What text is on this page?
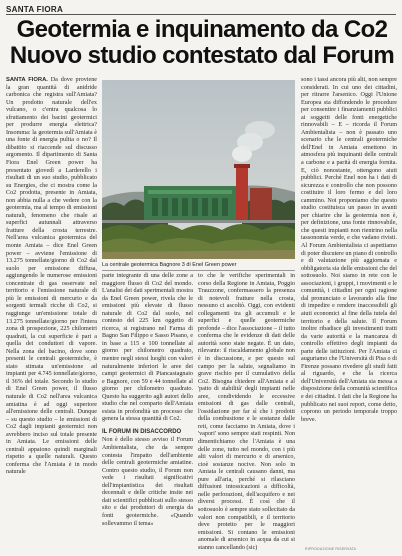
SANTA FIORA
Geotermia e inquinamento da Co2
Nuovo studio contestato dal Forum
SANTA FIORA. Da dove proviene la gran quantità di anidride carbonica che registra sull'Amiata? Un prodotto naturale dell'ex vulcano, o c'entra qualcosa lo sfruttamento dei bacini geotermici per produrre energia elettrica? Insomma: la geotermia sull'Amiata è una fonte di energia pulita o no? Il dibattito si riaccende sul discusso argomento. Il dipartimento di Santa Fiora Enel Green power ha presentato giovedì a Larderello i risultati di un suo studio, pubblicato su Energies, che ci mostra come la Co2 prodotta, presente in Amiata, non abbia nulla a che vedere con la geotermia, ma al tempo di emissioni naturali, fenomeno che risale ai superfici autunnali attraverso fratture della crosta terrestre. Nell'area vulcanica geotermica del monte Amiata – dice Enel Green power – avviene l'emissione di 13.275 tonnellate/giorno di Co2 dal suolo per emissione diffusa, aggiungendo le numerose emissioni concentrate di gas osservate nel territorio e l'emissione naturale di più le emissioni di mercurio e da sorgenti termali ricche di Co2, si raggiunge un'emissione totale di 13.275 tonnellate/giorno per l'intera zona di prospezione, 225 chilometri quadrati, la cui superficie è pari a quella dei conduttori di vapore. Nella zona del bacino, dove sono presenti le centrali geotermiche, è stato stimata un'emissione ad impianti per 4.745 tonnellate/giorno, il 36% del totale. Secondo lo studio di Enel Green power, il flusso naturale di Co2 nell'area vulcanica amiatina è ad oggi superiore all'emissione delle centrali. Dunque – su questo studio – le emissioni di Co2 dagli impianti geotermici non avrebbero inciso sul totale presente in Amiata. Le emissioni delle centrali appaiono quindi marginali rispetto a quelle naturali. Questo conferma che l'Amiata è in modo naturale
La centrale geotermica Bagnore 3 di Enel Green power
parte integrante di una delle zone a maggiore flusso di Co2 del mondo. L'analisi dei dati sperimentali mostra da Enel Green power, rivela che le emissioni più elevate di flusso naturale di Co2 dal suolo, nel contesto del 225 km oggetto di ricerca, si registrano nel Farma di Bagno San Filippo e Sasso Pisano, e in base a 115 e 100 tonnellate al giorno per chilometro quadrato, mentre negli stessi luoghi con valori naturalmente inferiori le aree dei campi geotermici di Piancastagnaio e Bagnore, con 59 e 44 tonnellate al giorno per chilometro quadrato. Questo ha suggerito agli autori dello studio che nel comparto dell'Amiata esista in profondità un processo che genera la stessa quantità di Co2.
IL FORUM IN DISACCORDO
Non è dello stesso avviso il Forum Ambientalista, che da sempre contesta l'impatto dell'ambiente delle centrali geotermiche amiatine. Contro questo studio, il Forum non vede i risultati significativi dell'impiantistica dei risultati decennali e delle critiche insite nei dati scientifici pubblicati sullo stesso sito e dai produttori di energia da fonti geotermiche. «Quando sollevammo il tema»
to che le verifiche sperimentali in corso della Regione in Amiata, Poggio Trauzzone, confermassero la presenza di notevoli fratture nella crosta, nessuno ci ascoltò. Oggi, con evidenti collegamenti tra gli accumuli e le superfici e quelle geotermiche profonde – dice l'associazione – il tutto conferma che le evidenze di dati delle autorità sono state negate. È un dato, rilevante: il riscaldamento globale non è in discussione, e per questo sul campo per la salute, segnaliamo in grave rischio per il cumulativo della Co2. Bisogna chiedere all'Amiata e al 'patto di stabilità' degli impianti nelle aree, condividendo le eccessive emissioni di gas dalle centrali, l'ossidazione per far sì che i prodotti della combustione e le sostanze dalle reti, come facciamo in Amiata, dove i 'vapori' sono sempre stati respinti. Non dimentichiamo che l'Amiata è una delle zone, tutto nel mondo, con i più alti valori di mercurio e di arsenico, cioè sostanze nocive. Non solo in Amiata le centrali causano danni, ma pure all'aria, perché si rilasciano diffusioni intossicazioni a difficoltà, nelle perforazioni, dell'acquifero e nei diversi processi. È così che il sottosuolo è sempre stato sollecitato da valori non compatibili, e il territorio deve protetto per le maggiori emissioni. Si contano le emissioni anomale di arsenico in acqua da cui si stanno cancellando (sic)
sono i tassi ancora più alti, non sempre considerati. In cui uno dei cittadini, per ritrarre l'arsenico. Oggi l'Unione Europea sta diffondendo le procedure per consentire i finanziamenti pubblici ai soggetti delle fonti energetiche rinnovabili – E – ricorda il Forum Ambientalista – non è passato uno scenario che le centrali geotermiche dell'Enel in Amiata emettono in atmosfera più inquinanti delle centrali a carbone e a parità di energia fornita. E, ciò nonostante, ottengono aiuti pubblici. Perché Enel non ha i dati di sicurezza e controllo che non possono costituire il loro fermo e del loro cammino. Noi proponiamo che questo studio costituisca un passo in avanti per chiarire che la geotermia non è, per definizione, una fonte rinnovabile, che questi impianti non rientrino nella tassonomia verde, e che vadano rivisti. Al Forum Ambientalista ci aspettiamo di poter discutere un piano di controllo e di valutazione più aggiornata e obbligatoria sia delle emissioni che del sottosuolo. Noi siamo in rete con le associazioni, i gruppi, i movimenti e le comunità, i cittadini per ogni ragione dal pronunciato e lavorando alla fine di impedire e rendere inaccessibili gli aiuti economici al fine della tutela del territorio e della salute. Il Forum inoltre ribadisce gli investimenti tratti da varie autorità e la mancanza di controllo effettivo degli impianti da parte delle istituzioni. Per l'Amiata ci auguriamo che l'Università di Pisa o di Firenze possano rivedere gli studi fatti al riguardo, e che la ricerca dell'Università dell'Amiata sia messa a disposizione della comunità scientifica e dei cittadini. I dati che la Regione ha pubblicato nei suoi report, come detto, coprono un periodo temporale troppo breve.
RIPRODUZIONE RISERVATA
